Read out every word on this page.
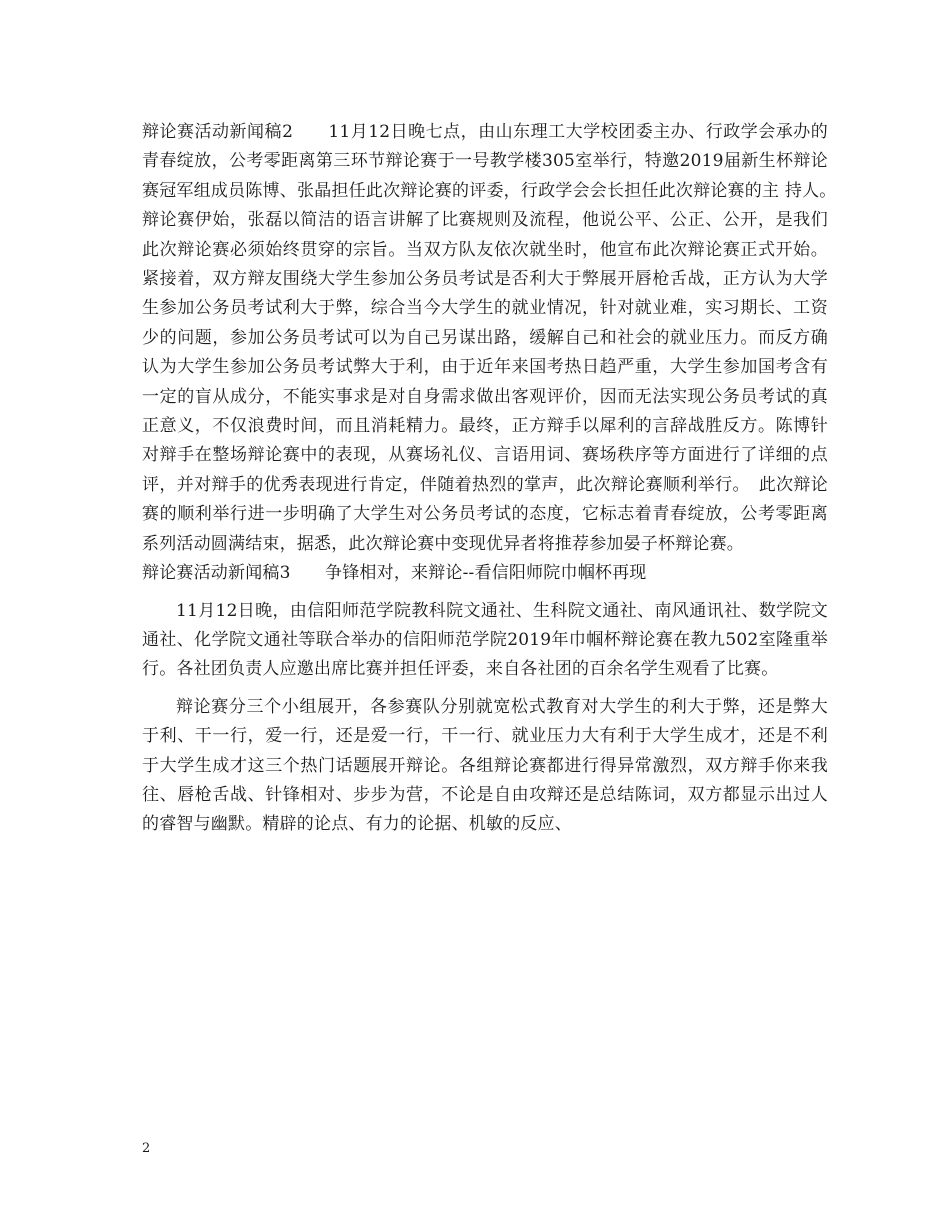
辩论赛活动新闻稿2　　11月12日晚七点，由山东理工大学校团委主办、行政学会承办的青春绽放，公考零距离第三环节辩论赛于一号教学楼305室举行，特邀2019届新生杯辩论赛冠军组成员陈博、张晶担任此次辩论赛的评委，行政学会会长担任此次辩论赛的主 持人。　辩论赛伊始，张磊以简洁的语言讲解了比赛规则及流程，他说公平、公正、公开，是我们此次辩论赛必须始终贯穿的宗旨。当双方队友依次就坐时，他宣布此次辩论赛正式开始。紧接着，双方辩友围绕大学生参加公务员考试是否利大于弊展开唇枪舌战，正方认为大学生参加公务员考试利大于弊，综合当今大学生的就业情况，针对就业难，实习期长、工资少的问题，参加公务员考试可以为自己另谋出路，缓解自己和社会的就业压力。而反方确认为大学生参加公务员考试弊大于利，由于近年来国考热日趋严重，大学生参加国考含有一定的盲从成分，不能实事求是对自身需求做出客观评价，因而无法实现公务员考试的真正意义，不仅浪费时间，而且消耗精力。最终，正方辩手以犀利的言辞战胜反方。陈博针对辩手在整场辩论赛中的表现，从赛场礼仪、言语用词、赛场秩序等方面进行了详细的点评，并对辩手的优秀表现进行肯定，伴随着热烈的掌声，此次辩论赛顺利举行。　此次辩论赛的顺利举行进一步明确了大学生对公务员考试的态度，它标志着青春绽放，公考零距离系列活动圆满结束，据悉，此次辩论赛中变现优异者将推荐参加晏子杯辩论赛。

辩论赛活动新闻稿3　　争锋相对，来辩论--看信阳师院巾帼杯再现

11月12日晚，由信阳师范学院教科院文通社、生科院文通社、南风通讯社、数学院文通社、化学院文通社等联合举办的信阳师范学院2019年巾帼杯辩论赛在教九502室隆重举行。各社团负责人应邀出席比赛并担任评委，来自各社团的百余名学生观看了比赛。

辩论赛分三个小组展开，各参赛队分别就宽松式教育对大学生的利大于弊，还是弊大于利、干一行，爱一行，还是爱一行，干一行、就业压力大有利于大学生成才，还是不利于大学生成才这三个热门话题展开辩论。各组辩论赛都进行得异常激烈，双方辩手你来我往、唇枪舌战、针锋相对、步步为营，不论是自由攻辩还是总结陈词，双方都显示出过人的睿智与幽默。精辟的论点、有力的论据、机敏的反应、

2
